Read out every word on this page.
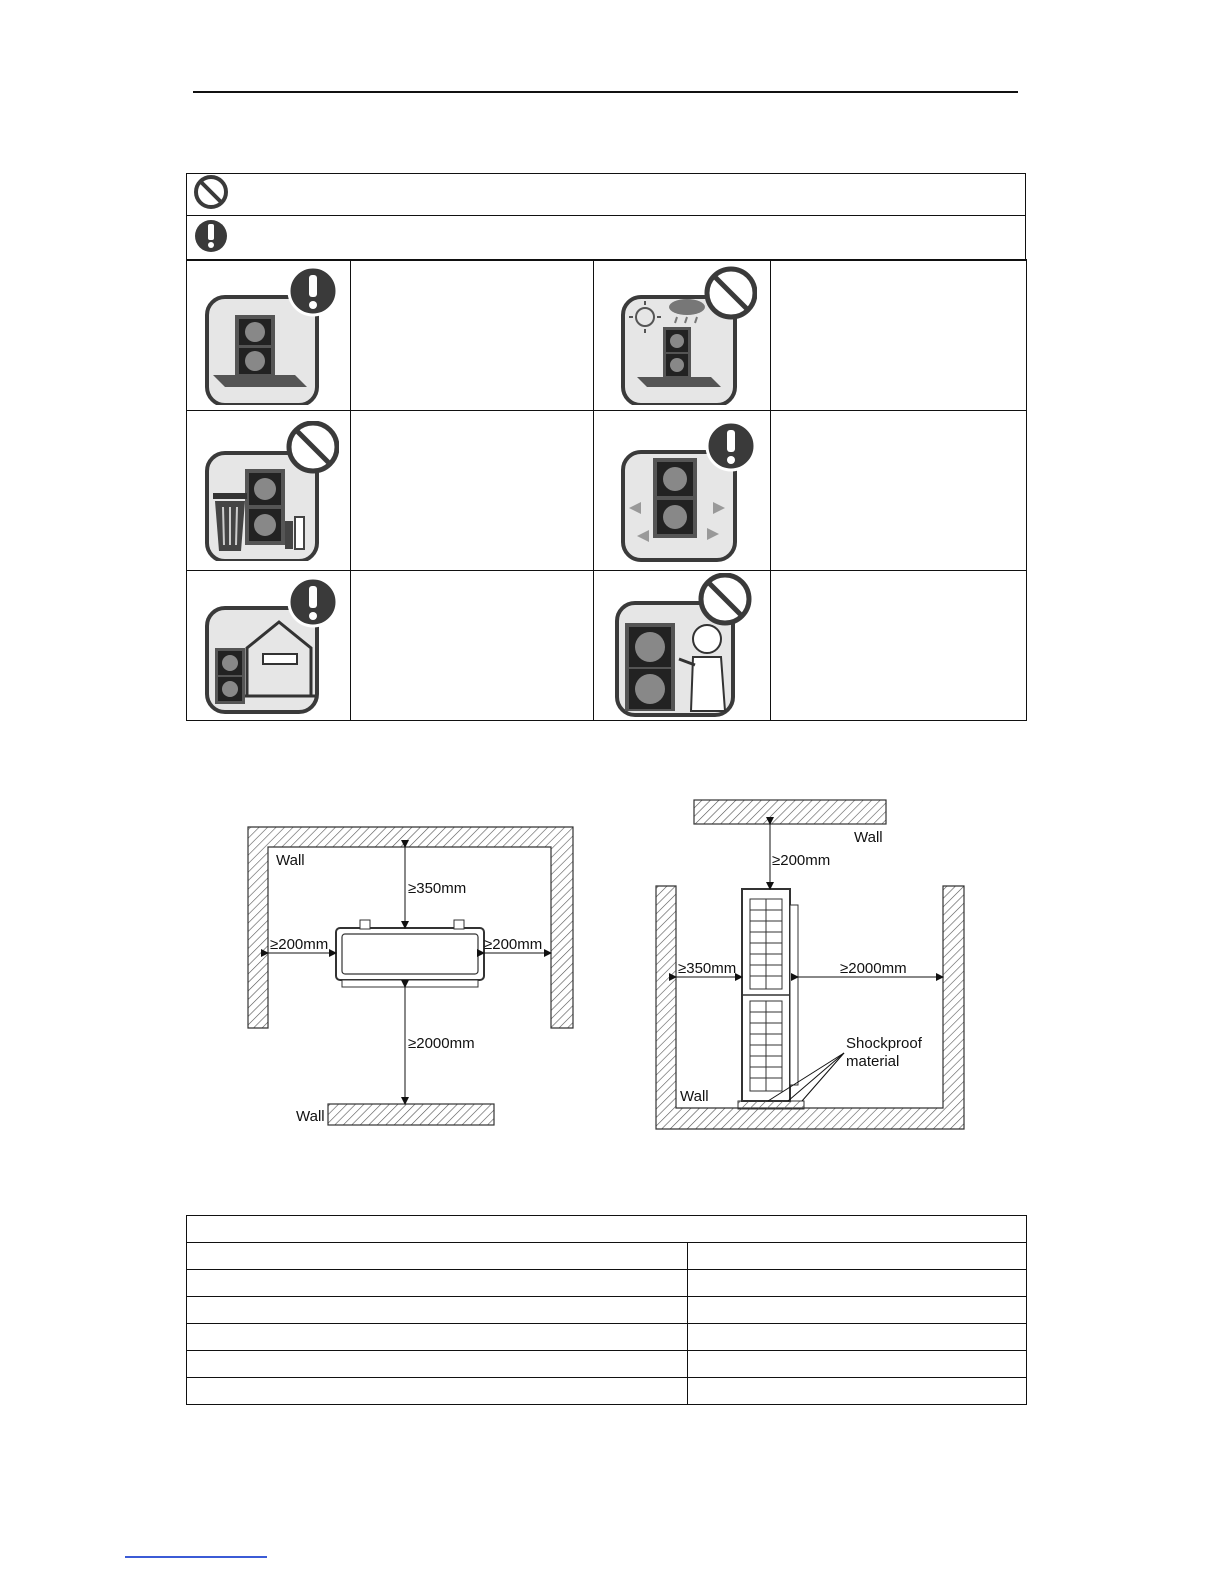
Wall
Wall
≥350mm
≥200mm	≥200mm
≥2000mm
Wall
Wall
≥200mm
≥350mm	≥2000mm
Shockproof
material
